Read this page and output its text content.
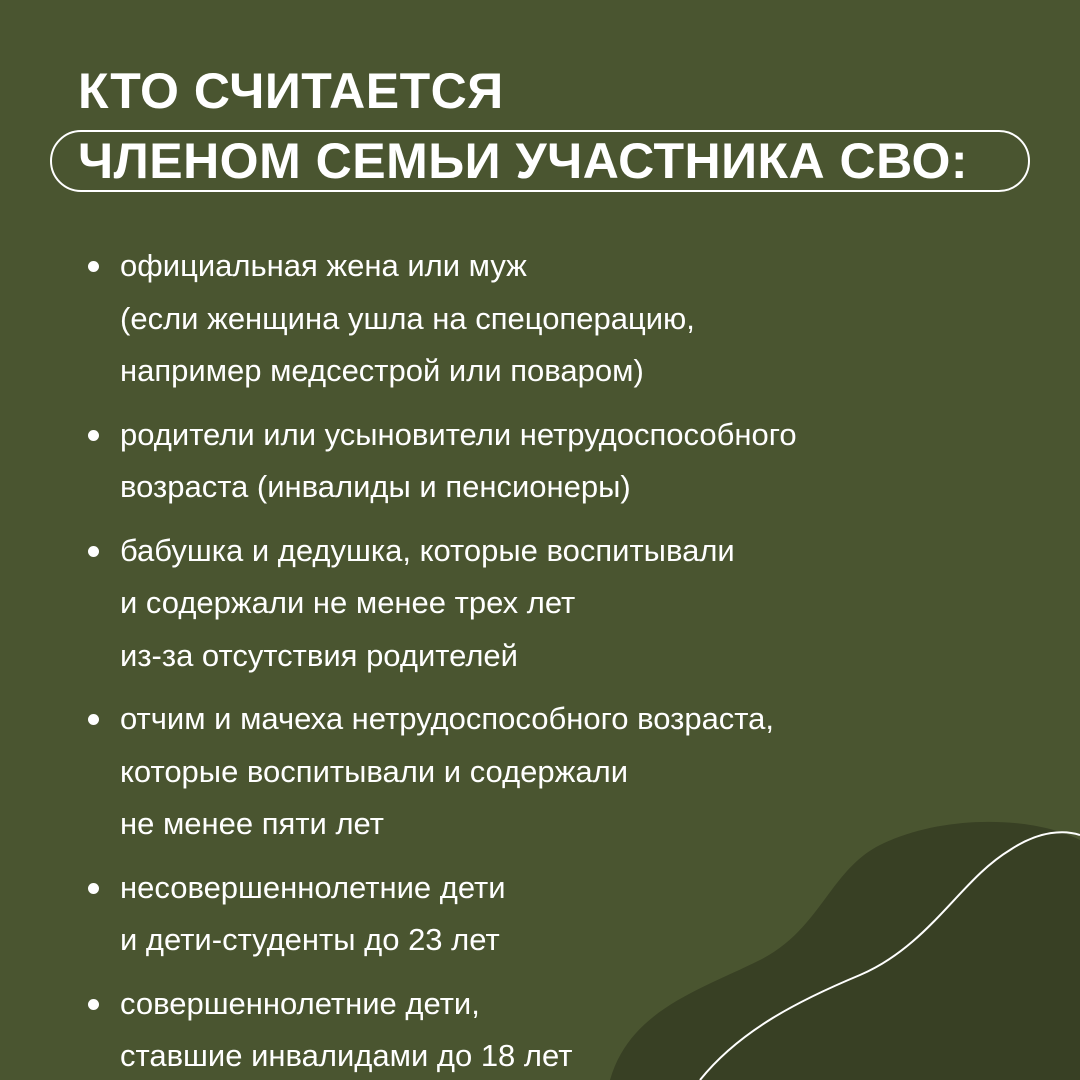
КТО СЧИТАЕТСЯ
ЧЛЕНОМ СЕМЬИ УЧАСТНИКА СВО:
официальная жена или муж
(если женщина ушла на спецоперацию,
например медсестрой или поваром)
родители или усыновители нетрудоспособного
возраста (инвалиды и пенсионеры)
бабушка и дедушка, которые воспитывали
и содержали не менее трех лет
из-за отсутствия родителей
отчим и мачеха нетрудоспособного возраста,
которые воспитывали и содержали
не менее пяти лет
несовершеннолетние дети
и дети-студенты до 23 лет
совершеннолетние дети,
ставшие инвалидами до 18 лет
